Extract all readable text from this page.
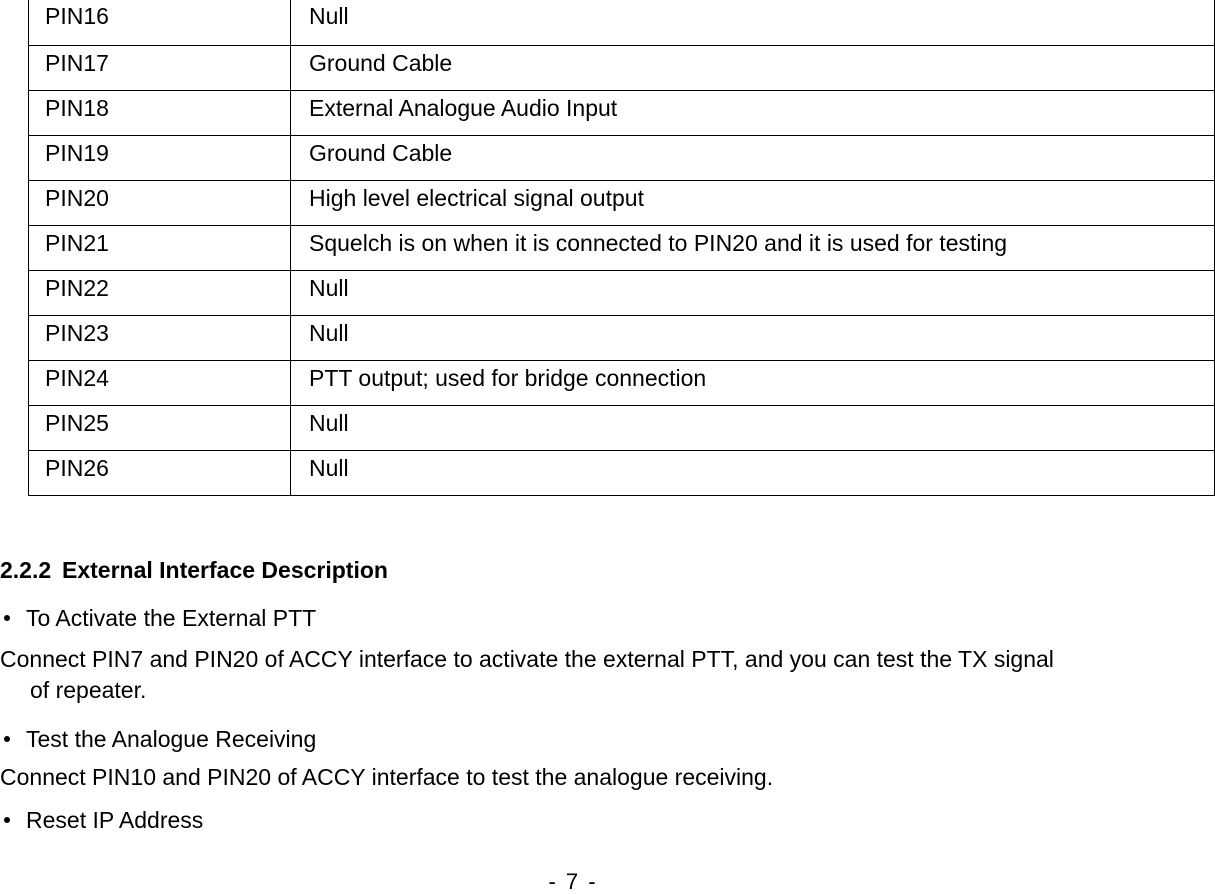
PIN16	Null
PIN17	Ground Cable
PIN18	External Analogue Audio Input
PIN19	Ground Cable
PIN20	High level electrical signal output
PIN21	Squelch is on when it is connected to PIN20 and it is used for testing
PIN22	Null
PIN23	Null
PIN24	PTT output; used for bridge connection
PIN25	Null
PIN26	Null
2.2.2 External Interface Description
To Activate the External PTT
Connect PIN7 and PIN20 of ACCY interface to activate the external PTT, and you can test the TX signal
of repeater.
Test the Analogue Receiving
Connect PIN10 and PIN20 of ACCY interface to test the analogue receiving.
Reset IP Address
- 7 -
